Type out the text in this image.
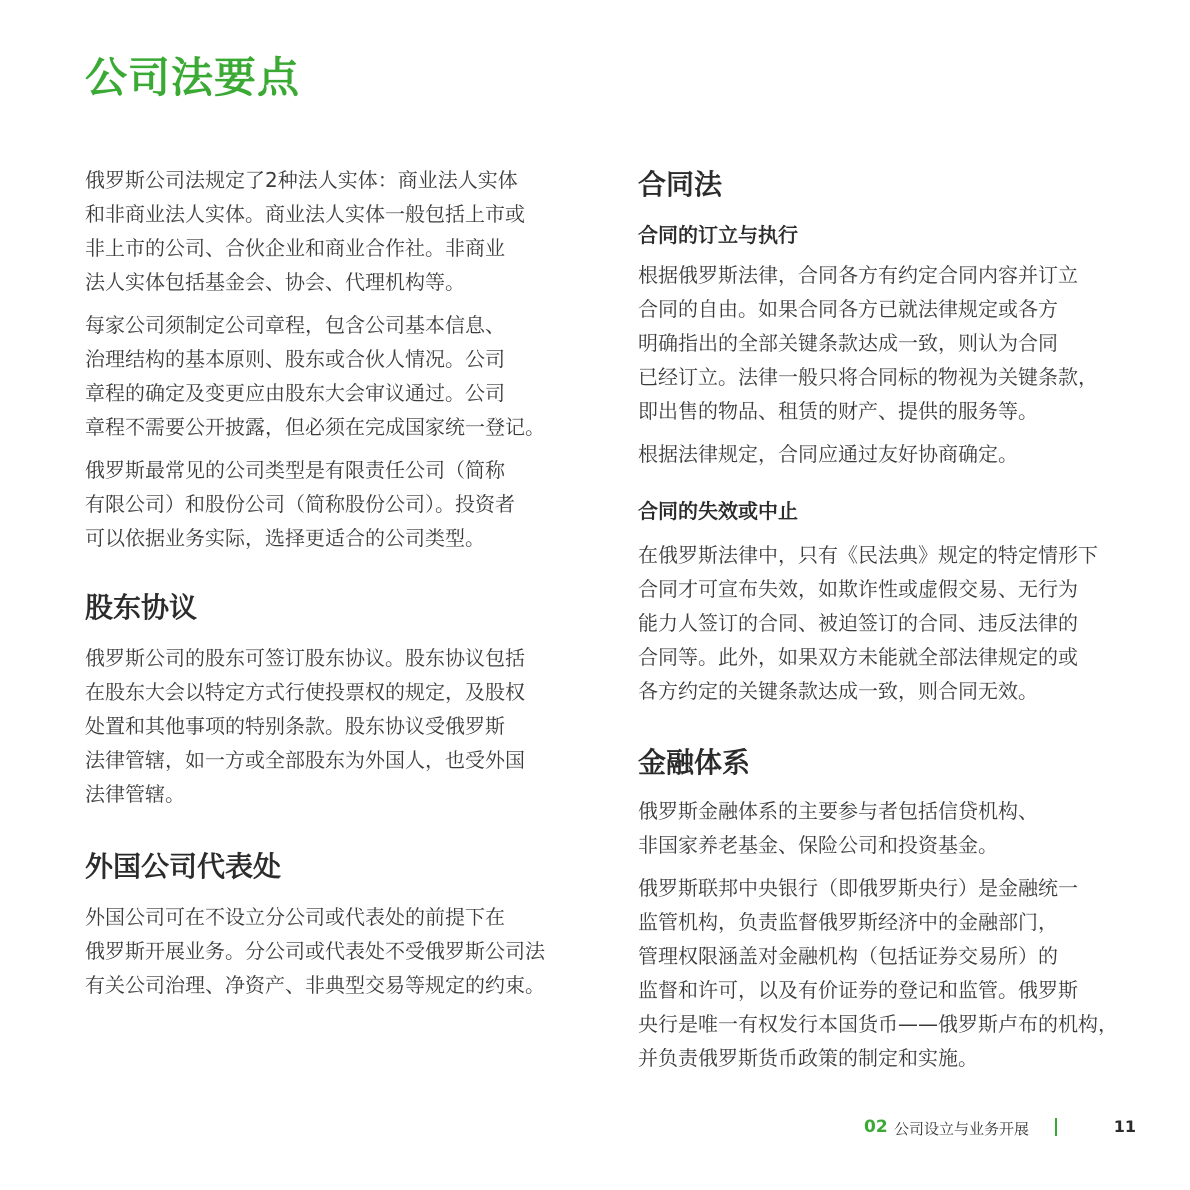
公司法要点

俄罗斯公司法规定了2种法人实体：商业法人实体
和非商业法人实体。商业法人实体一般包括上市或
非上市的公司、合伙企业和商业合作社。非商业
法人实体包括基金会、协会、代理机构等。

每家公司须制定公司章程，包含公司基本信息、
治理结构的基本原则、股东或合伙人情况。公司
章程的确定及变更应由股东大会审议通过。公司
章程不需要公开披露，但必须在完成国家统一登记。

俄罗斯最常见的公司类型是有限责任公司（简称
有限公司）和股份公司（简称股份公司）。投资者
可以依据业务实际，选择更适合的公司类型。

股东协议

俄罗斯公司的股东可签订股东协议。股东协议包括
在股东大会以特定方式行使投票权的规定，及股权
处置和其他事项的特别条款。股东协议受俄罗斯
法律管辖，如一方或全部股东为外国人，也受外国
法律管辖。

外国公司代表处

外国公司可在不设立分公司或代表处的前提下在
俄罗斯开展业务。分公司或代表处不受俄罗斯公司法
有关公司治理、净资产、非典型交易等规定的约束。

合同法
合同的订立与执行

根据俄罗斯法律，合同各方有约定合同内容并订立
合同的自由。如果合同各方已就法律规定或各方
明确指出的全部关键条款达成一致，则认为合同
已经订立。法律一般只将合同标的物视为关键条款，
即出售的物品、租赁的财产、提供的服务等。

根据法律规定，合同应通过友好协商确定。

合同的失效或中止

在俄罗斯法律中，只有《民法典》规定的特定情形下
合同才可宣布失效，如欺诈性或虚假交易、无行为
能力人签订的合同、被迫签订的合同、违反法律的
合同等。此外，如果双方未能就全部法律规定的或
各方约定的关键条款达成一致，则合同无效。

金融体系

俄罗斯金融体系的主要参与者包括信贷机构、
非国家养老基金、保险公司和投资基金。

俄罗斯联邦中央银行（即俄罗斯央行）是金融统一
监管机构，负责监督俄罗斯经济中的金融部门，
管理权限涵盖对金融机构（包括证券交易所）的
监督和许可，以及有价证券的登记和监管。俄罗斯
央行是唯一有权发行本国货币——俄罗斯卢布的机构，
并负责俄罗斯货币政策的制定和实施。

02 公司设立与业务开展	11
